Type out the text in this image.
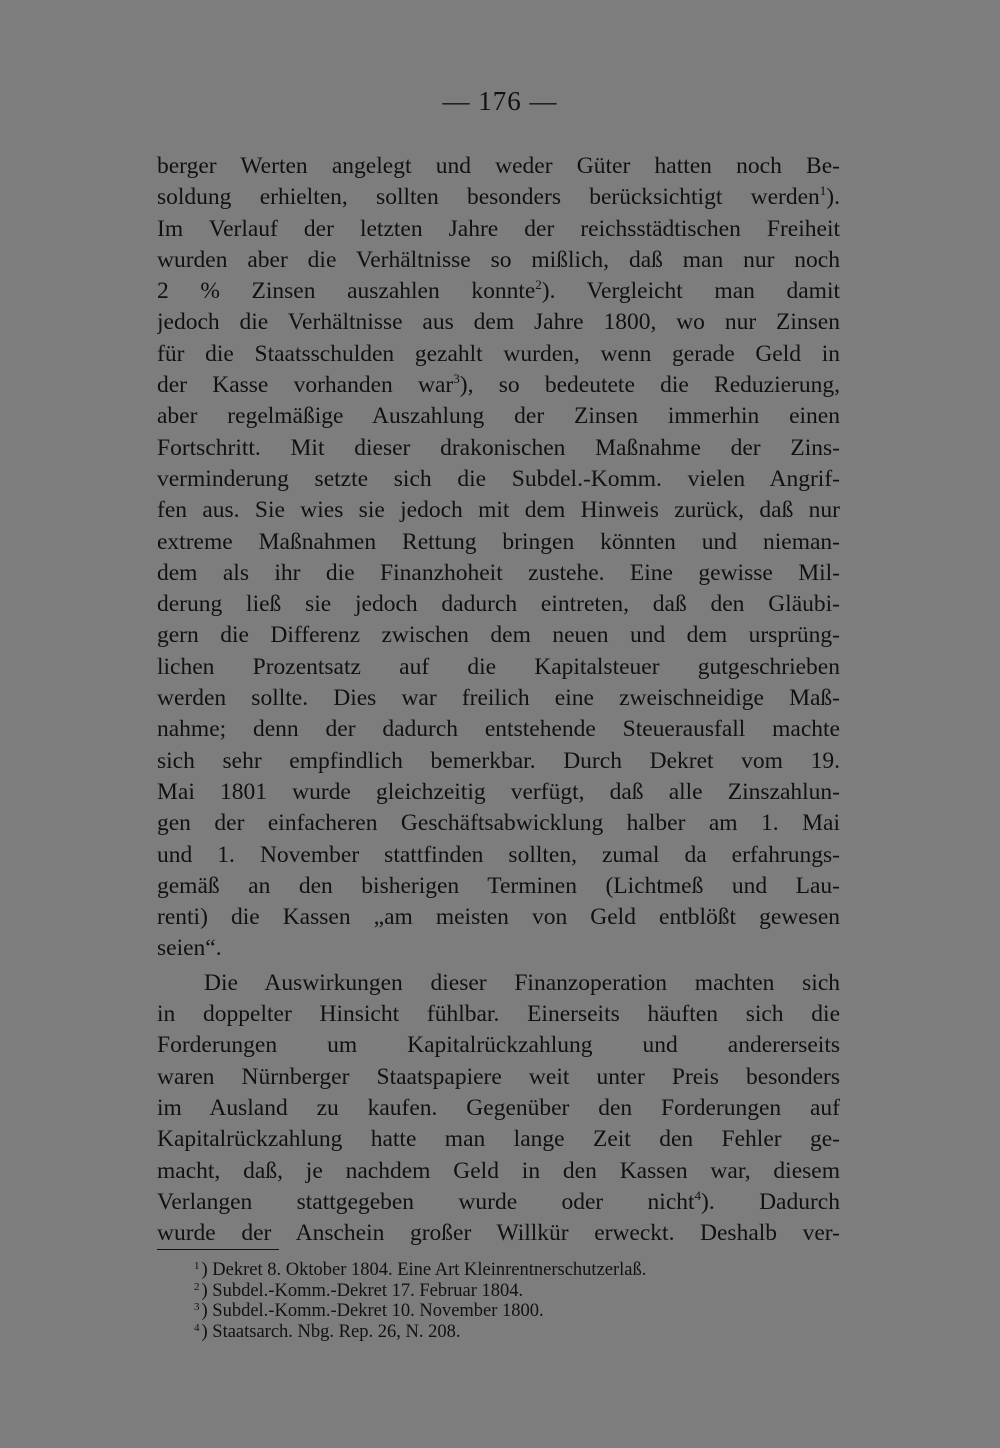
— 176 —
berger Werten angelegt und weder Güter hatten noch Be-
soldung erhielten, sollten besonders berücksichtigt werden$^1$).
Im Verlauf der letzten Jahre der reichsstädtischen Freiheit
wurden aber die Verhältnisse so mißlich, daß man nur noch
2 % Zinsen auszahlen konnte$^2$). Vergleicht man damit
jedoch die Verhältnisse aus dem Jahre 1800, wo nur Zinsen
für die Staatsschulden gezahlt wurden, wenn gerade Geld in
der Kasse vorhanden war$^3$), so bedeutete die Reduzierung,
aber regelmäßige Auszahlung der Zinsen immerhin einen
Fortschritt. Mit dieser drakonischen Maßnahme der Zins-
verminderung setzte sich die Subdel.-Komm. vielen Angrif-
fen aus. Sie wies sie jedoch mit dem Hinweis zurück, daß nur
extreme Maßnahmen Rettung bringen könnten und nieman-
dem als ihr die Finanzhoheit zustehe. Eine gewisse Mil-
derung ließ sie jedoch dadurch eintreten, daß den Gläubi-
gern die Differenz zwischen dem neuen und dem ursprüng-
lichen Prozentsatz auf die Kapitalsteuer gutgeschrieben
werden sollte. Dies war freilich eine zweischneidige Maß-
nahme; denn der dadurch entstehende Steuerausfall machte
sich sehr empfindlich bemerkbar. Durch Dekret vom 19.
Mai 1801 wurde gleichzeitig verfügt, daß alle Zinszahlun-
gen der einfacheren Geschäftsabwicklung halber am 1. Mai
und 1. November stattfinden sollten, zumal da erfahrungs-
gemäß an den bisherigen Terminen (Lichtmeß und Lau-
renti) die Kassen „am meisten von Geld entblößt gewesen
seien“.
Die Auswirkungen dieser Finanzoperation machten sich
in doppelter Hinsicht fühlbar. Einerseits häuften sich die
Forderungen um Kapitalrückzahlung und andererseits
waren Nürnberger Staatspapiere weit unter Preis besonders
im Ausland zu kaufen. Gegenüber den Forderungen auf
Kapitalrückzahlung hatte man lange Zeit den Fehler ge-
macht, daß, je nachdem Geld in den Kassen war, diesem
Verlangen stattgegeben wurde oder nicht$^4$). Dadurch
wurde der Anschein großer Willkür erweckt. Deshalb ver-
$^1$ ) Dekret 8. Oktober 1804. Eine Art Kleinrentnerschutzerlaß.
$^2$ ) Subdel.-Komm.-Dekret 17. Februar 1804.
$^3$ ) Subdel.-Komm.-Dekret 10. November 1800.
$^4$ ) Staatsarch. Nbg. Rep. 26, N. 208.
